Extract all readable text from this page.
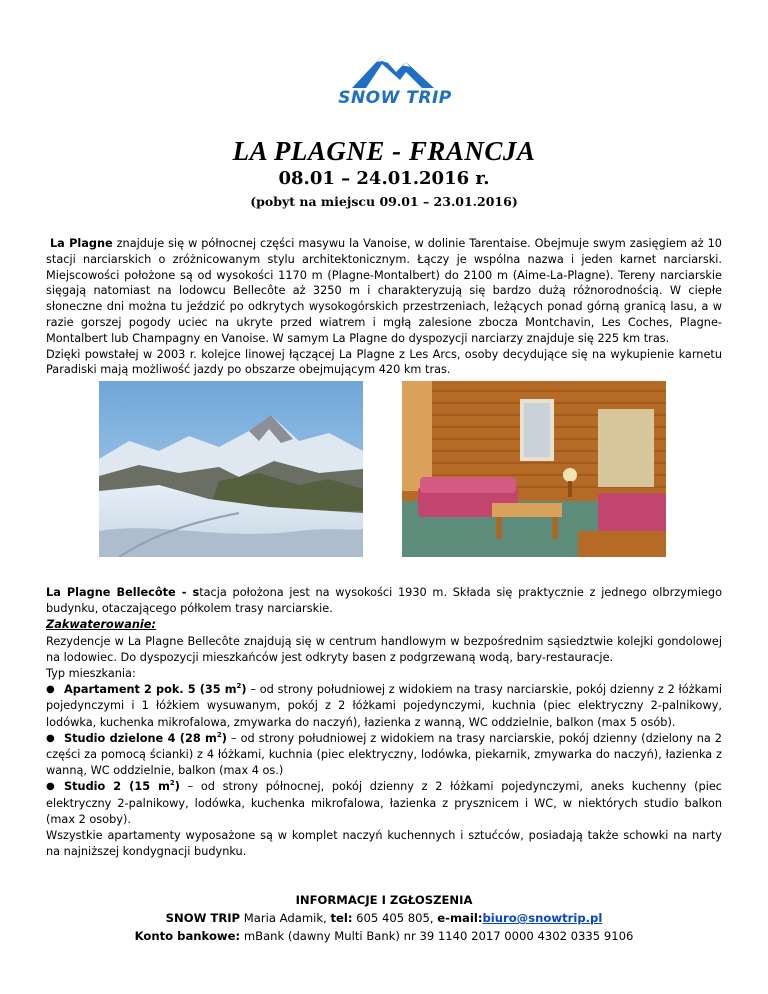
SNOW TRIP
LA PLAGNE - FRANCJA
08.01 – 24.01.2016 r.
(pobyt na miejscu 09.01 – 23.01.2016)

La Plagne znajduje się w północnej części masywu la Vanoise, w dolinie Tarentaise. Obejmuje swym zasięgiem aż 10 stacji narciarskich o zróżnicowanym stylu architektonicznym. Łączy je wspólna nazwa i jeden karnet narciarski. Miejscowości położone są od wysokości 1170 m (Plagne-Montalbert) do 2100 m (Aime-La-Plagne). Tereny narciarskie sięgają natomiast na lodowcu Bellecôte aż 3250 m i charakteryzują się bardzo dużą różnorodnością. W ciepłe słoneczne dni można tu jeździć po odkrytych wysokogórskich przestrzeniach, leżących ponad górną granicą lasu, a w razie gorszej pogody uciec na ukryte przed wiatrem i mgłą zalesione zbocza Montchavin, Les Coches, Plagne-Montalbert lub Champagny en Vanoise. W samym La Plagne do dyspozycji narciarzy znajduje się 225 km tras.

Dzięki powstałej w 2003 r. kolejce linowej łączącej La Plagne z Les Arcs, osoby decydujące się na wykupienie karnetu Paradiski mają możliwość jazdy po obszarze obejmującym 420 km tras.

La Plagne Bellecôte - stacja położona jest na wysokości 1930 m. Składa się praktycznie z jednego olbrzymiego budynku, otaczającego półkolem trasy narciarskie.

Zakwaterowanie:

Rezydencje w La Plagne Bellecôte znajdują się w centrum handlowym w bezpośrednim sąsiedztwie kolejki gondolowej na lodowiec. Do dyspozycji mieszkańców jest odkryty basen z podgrzewaną wodą, bary-restauracje.

Typ mieszkania:

● Apartament 2 pok. 5 (35 $m^2$) – od strony południowej z widokiem na trasy narciarskie, pokój dzienny z 2 łóżkami pojedynczymi i 1 łóżkiem wysuwanym, pokój z 2 łóżkami pojedynczymi, kuchnia (piec elektryczny 2-palnikowy, lodówka, kuchenka mikrofalowa, zmywarka do naczyń), łazienka z wanną, WC oddzielnie, balkon (max 5 osób).

● Studio dzielone 4 (28 $m^2$) – od strony południowej z widokiem na trasy narciarskie, pokój dzienny (dzielony na 2 części za pomocą ścianki) z 4 łóżkami, kuchnia (piec elektryczny, lodówka, piekarnik, zmywarka do naczyń), łazienka z wanną, WC oddzielnie, balkon (max 4 os.)

● Studio 2 (15 $m^2$) – od strony północnej, pokój dzienny z 2 łóżkami pojedynczymi, aneks kuchenny (piec elektryczny 2-palnikowy, lodówka, kuchenka mikrofalowa, łazienka z prysznicem i WC, w niektórych studio balkon (max 2 osoby).

Wszystkie apartamenty wyposażone są w komplet naczyń kuchennych i sztućców, posiadają także schowki na narty na najniższej kondygnacji budynku.

INFORMACJE I ZGŁOSZENIA
SNOW TRIP Maria Adamik, tel: 605 405 805, e-mail:biuro@snowtrip.pl
Konto bankowe: mBank (dawny Multi Bank) nr 39 1140 2017 0000 4302 0335 9106
